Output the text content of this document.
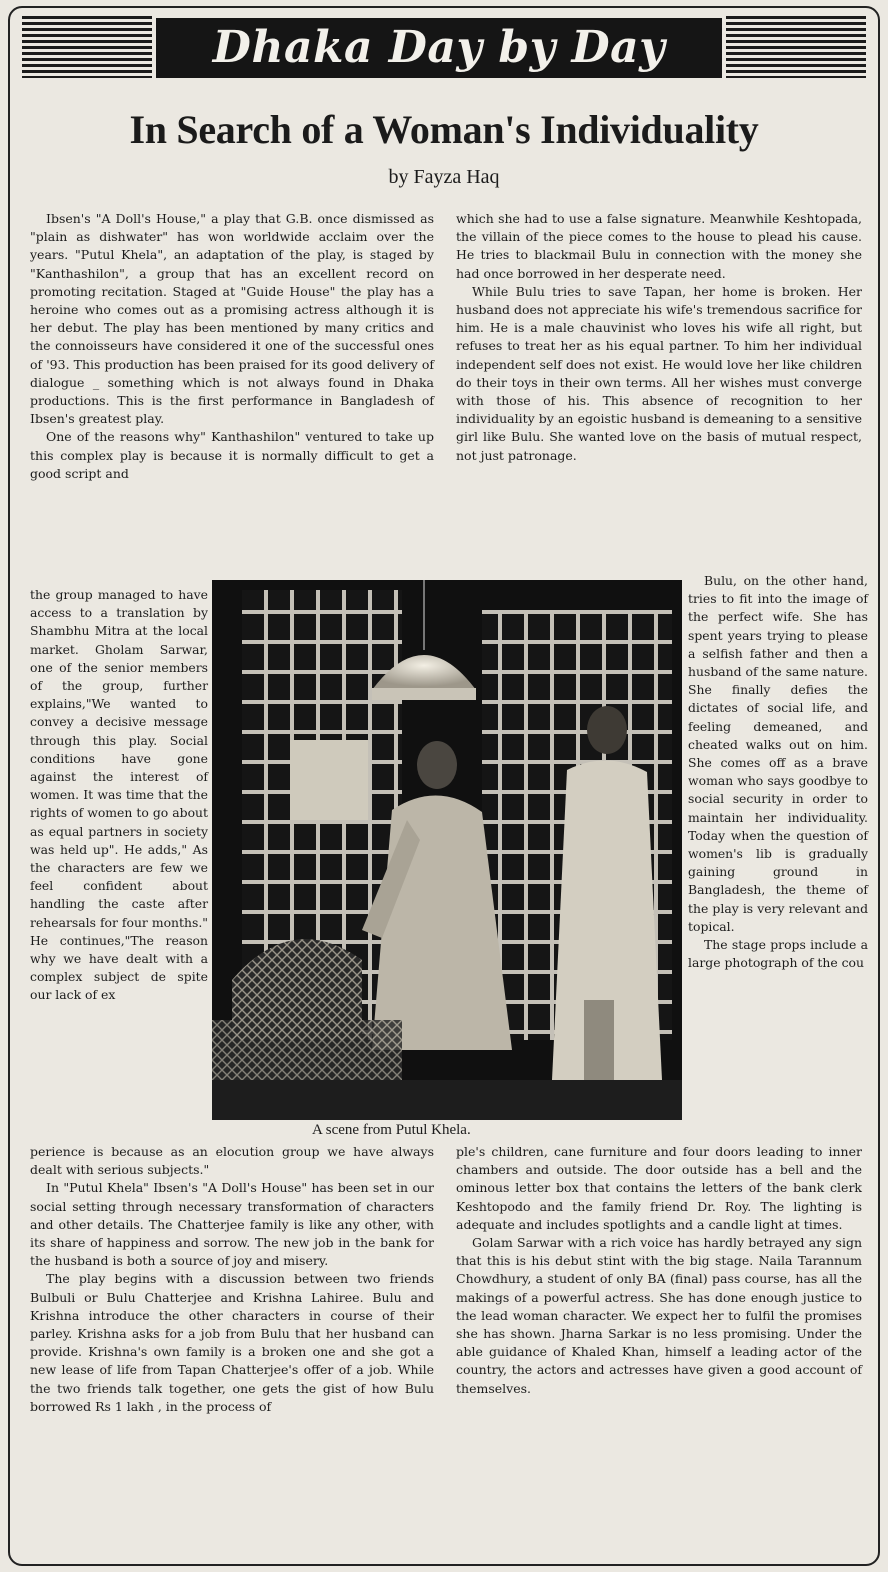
Dhaka Day by Day
In Search of a Woman's Individuality
by Fayza Haq
Ibsen's "A Doll's House," a play that G.B. once dismissed as "plain as dishwater" has won worldwide acclaim over the years. "Putul Khela", an adaptation of the play, is staged by "Kanthashilon", a group that has an excellent record on promoting recitation. Staged at "Guide House" the play has a heroine who comes out as a promising actress although it is her debut. The play has been mentioned by many critics and the connoisseurs have considered it one of the successful ones of '93. This production has been praised for its good delivery of dialogue _ something which is not always found in Dhaka productions. This is the first performance in Bangladesh of Ibsen's greatest play.
One of the reasons why" Kanthashilon" ventured to take up this complex play is because it is normally difficult to get a good script and
the group managed to have access to a translation by Shambhu Mitra at the local market. Gholam Sarwar, one of the senior members of the group, further explains,"We wanted to convey a decisive message through this play. Social conditions have gone against the interest of women. It was time that the rights of women to go about as equal partners in society was held up". He adds," As the characters are few we feel confident about handling the caste after rehearsals for four months." He continues,"The reason why we have dealt with a complex subject de spite our lack of ex
perience is because as an elocution group we have always dealt with serious subjects."
In "Putul Khela" Ibsen's "A Doll's House" has been set in our social setting through necessary transformation of characters and other details. The Chatterjee family is like any other, with its share of happiness and sorrow. The new job in the bank for the husband is both a source of joy and misery.
The play begins with a discussion between two friends Bulbuli or Bulu Chatterjee and Krishna Lahiree. Bulu and Krishna introduce the other characters in course of their parley. Krishna asks for a job from Bulu that her husband can provide. Krishna's own family is a broken one and she got a new lease of life from Tapan Chatterjee's offer of a job. While the two friends talk together, one gets the gist of how Bulu borrowed Rs 1 lakh , in the process of
which she had to use a false signature. Meanwhile Keshtopada, the villain of the piece comes to the house to plead his cause. He tries to blackmail Bulu in connection with the money she had once borrowed in her desperate need.
While Bulu tries to save Tapan, her home is broken. Her husband does not appreciate his wife's tremendous sacrifice for him. He is a male chauvinist who loves his wife all right, but refuses to treat her as his equal partner. To him her individual independent self does not exist. He would love her like children do their toys in their own terms. All her wishes must converge with those of his. This absence of recognition to her individuality by an egoistic husband is demeaning to a sensitive girl like Bulu. She wanted love on the basis of mutual respect, not just patronage.
Bulu, on the other hand, tries to fit into the image of the perfect wife. She has spent years trying to please a selfish father and then a husband of the same nature. She finally defies the dictates of social life, and feeling demeaned, and cheated walks out on him. She comes off as a brave woman who says goodbye to social security in order to maintain her individuality. Today when the question of women's lib is gradually gaining ground in Bangladesh, the theme of the play is very relevant and topical.
The stage props include a large photograph of the cou
ple's children, cane furniture and four doors leading to inner chambers and outside. The door outside has a bell and the ominous letter box that contains the letters of the bank clerk Keshtopodo and the family friend Dr. Roy. The lighting is adequate and includes spotlights and a candle light at times.
Golam Sarwar with a rich voice has hardly betrayed any sign that this is his debut stint with the big stage. Naila Tarannum Chowdhury, a student of only BA (final) pass course, has all the makings of a powerful actress. She has done enough justice to the lead woman character. We expect her to fulfil the promises she has shown. Jharna Sarkar is no less promising. Under the able guidance of Khaled Khan, himself a leading actor of the country, the actors and actresses have given a good account of themselves.
A scene from Putul Khela.
